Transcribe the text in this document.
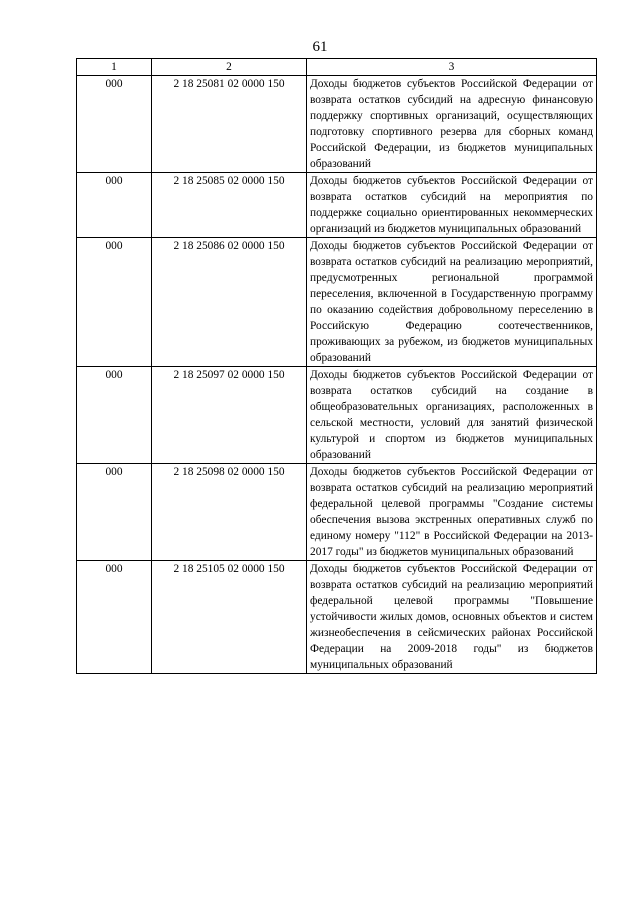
61
1	2	3
000	2 18 25081 02 0000 150	Доходы бюджетов субъектов Российской Федерации от возврата остатков субсидий на адресную финансовую поддержку спортивных организаций, осуществляющих подготовку спортивного резерва для сборных команд Российской Федерации, из бюджетов муниципальных образований
000	2 18 25085 02 0000 150	Доходы бюджетов субъектов Российской Федерации от возврата остатков субсидий на мероприятия по поддержке социально ориентированных некоммерческих организаций из бюджетов муниципальных образований
000	2 18 25086 02 0000 150	Доходы бюджетов субъектов Российской Федерации от возврата остатков субсидий на реализацию мероприятий, предусмотренных региональной программой переселения, включенной в Государственную программу по оказанию содействия добровольному переселению в Российскую Федерацию соотечественников, проживающих за рубежом, из бюджетов муниципальных образований
000	2 18 25097 02 0000 150	Доходы бюджетов субъектов Российской Федерации от возврата остатков субсидий на создание в общеобразовательных организациях, расположенных в сельской местности, условий для занятий физической культурой и спортом из бюджетов муниципальных образований
000	2 18 25098 02 0000 150	Доходы бюджетов субъектов Российской Федерации от возврата остатков субсидий на реализацию мероприятий федеральной целевой программы "Создание системы обеспечения вызова экстренных оперативных служб по единому номеру "112" в Российской Федерации на 2013-2017 годы" из бюджетов муниципальных образований
000	2 18 25105 02 0000 150	Доходы бюджетов субъектов Российской Федерации от возврата остатков субсидий на реализацию мероприятий федеральной целевой программы "Повышение устойчивости жилых домов, основных объектов и систем жизнеобеспечения в сейсмических районах Российской Федерации на 2009-2018 годы" из бюджетов муниципальных образований
